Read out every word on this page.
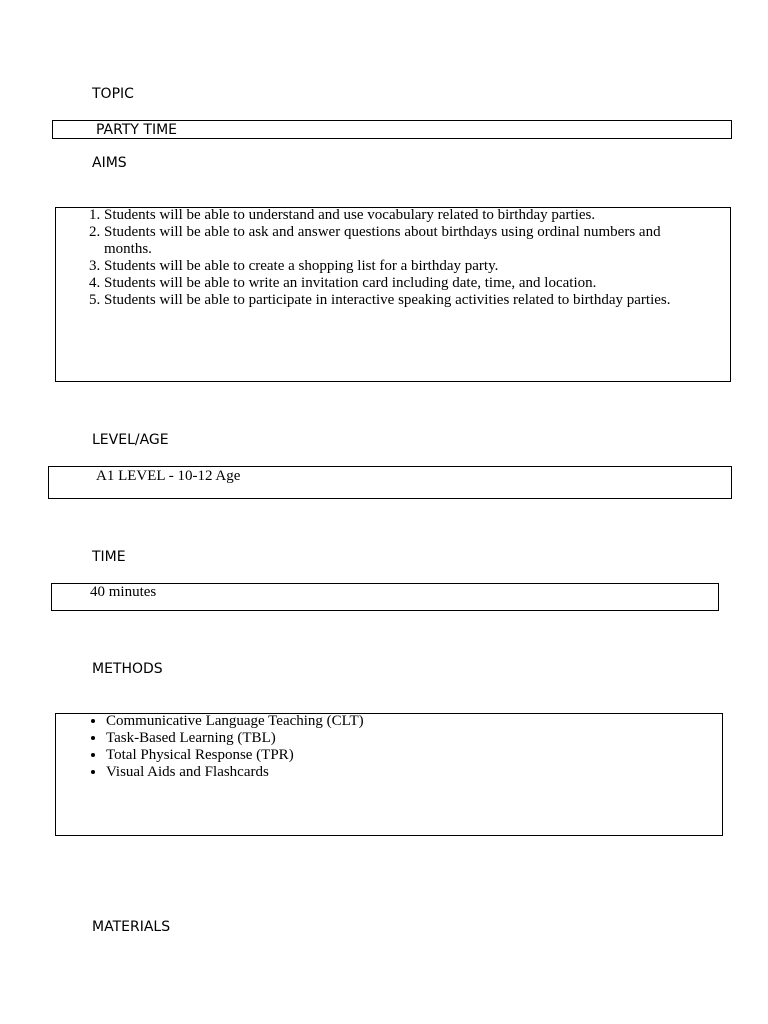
TOPIC
PARTY TIME
AIMS
1. Students will be able to understand and use vocabulary related to birthday parties.
2. Students will be able to ask and answer questions about birthdays using ordinal numbers and months.
3. Students will be able to create a shopping list for a birthday party.
4. Students will be able to write an invitation card including date, time, and location.
5. Students will be able to participate in interactive speaking activities related to birthday parties.
LEVEL/AGE
A1 LEVEL - 10-12 Age
TIME
40 minutes
METHODS
• Communicative Language Teaching (CLT)
• Task-Based Learning (TBL)
• Total Physical Response (TPR)
• Visual Aids and Flashcards
MATERIALS
